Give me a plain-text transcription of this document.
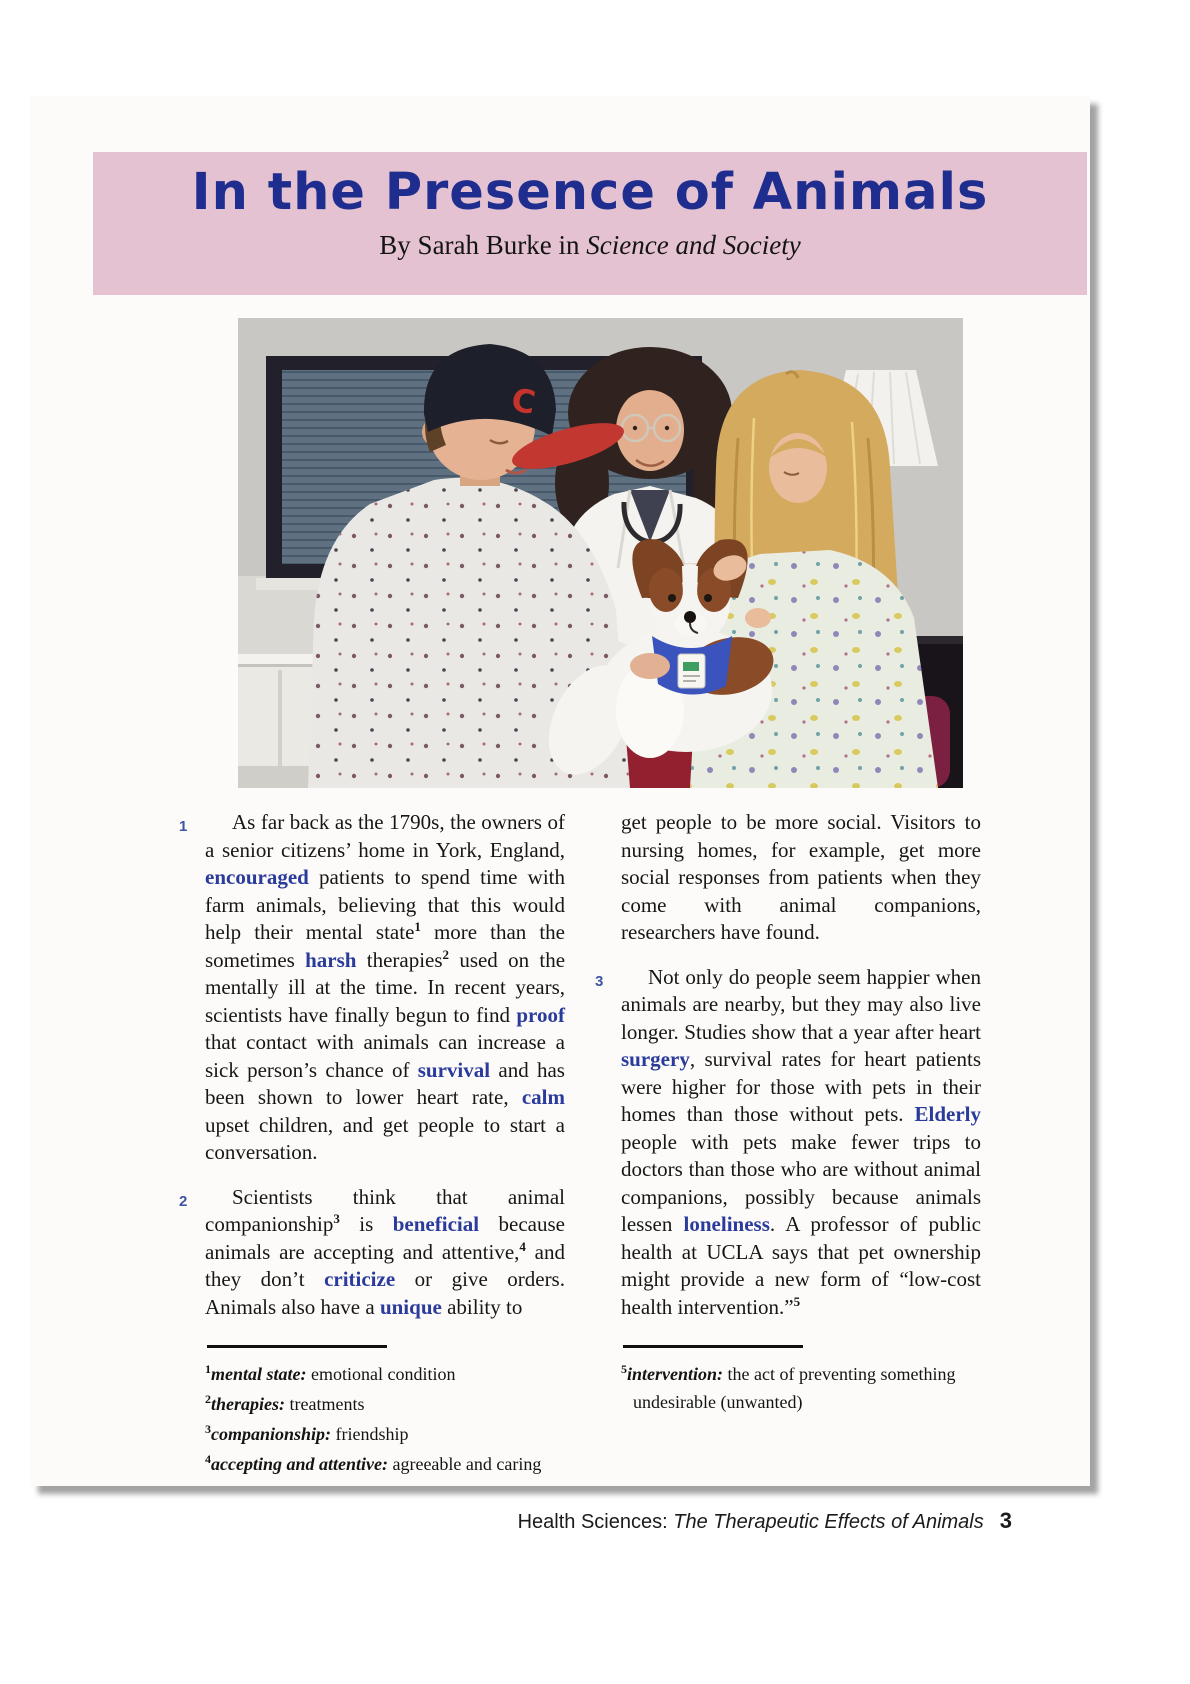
In the Presence of Animals
By Sarah Burke in Science and Society
C
1 As far back as the 1790s, the owners of a senior citizens’ home in York, England, encouraged patients to spend time with farm animals, believing that this would help their mental state$^1$ more than the sometimes harsh therapies$^2$ used on the mentally ill at the time. In recent years, scientists have finally begun to find proof that contact with animals can increase a sick person’s chance of survival and has been shown to lower heart rate, calm upset children, and get people to start a conversation.
2 Scientists think that animal companionship$^3$ is beneficial because animals are accepting and attentive,$^4$ and they don’t criticize or give orders. Animals also have a unique ability to
$^1$mental state: emotional condition
$^2$therapies: treatments
$^3$companionship: friendship
$^4$accepting and attentive: agreeable and caring
get people to be more social. Visitors to nursing homes, for example, get more social responses from patients when they come with animal companions, researchers have found.
3 Not only do people seem happier when animals are nearby, but they may also live longer. Studies show that a year after heart surgery, survival rates for heart patients were higher for those with pets in their homes than those without pets. Elderly people with pets make fewer trips to doctors than those who are without animal companions, possibly because animals lessen loneliness. A professor of public health at UCLA says that pet ownership might provide a new form of “low-cost health intervention.”$^5$
$^5$intervention: the act of preventing something undesirable (unwanted)
Health Sciences: The Therapeutic Effects of Animals 3
